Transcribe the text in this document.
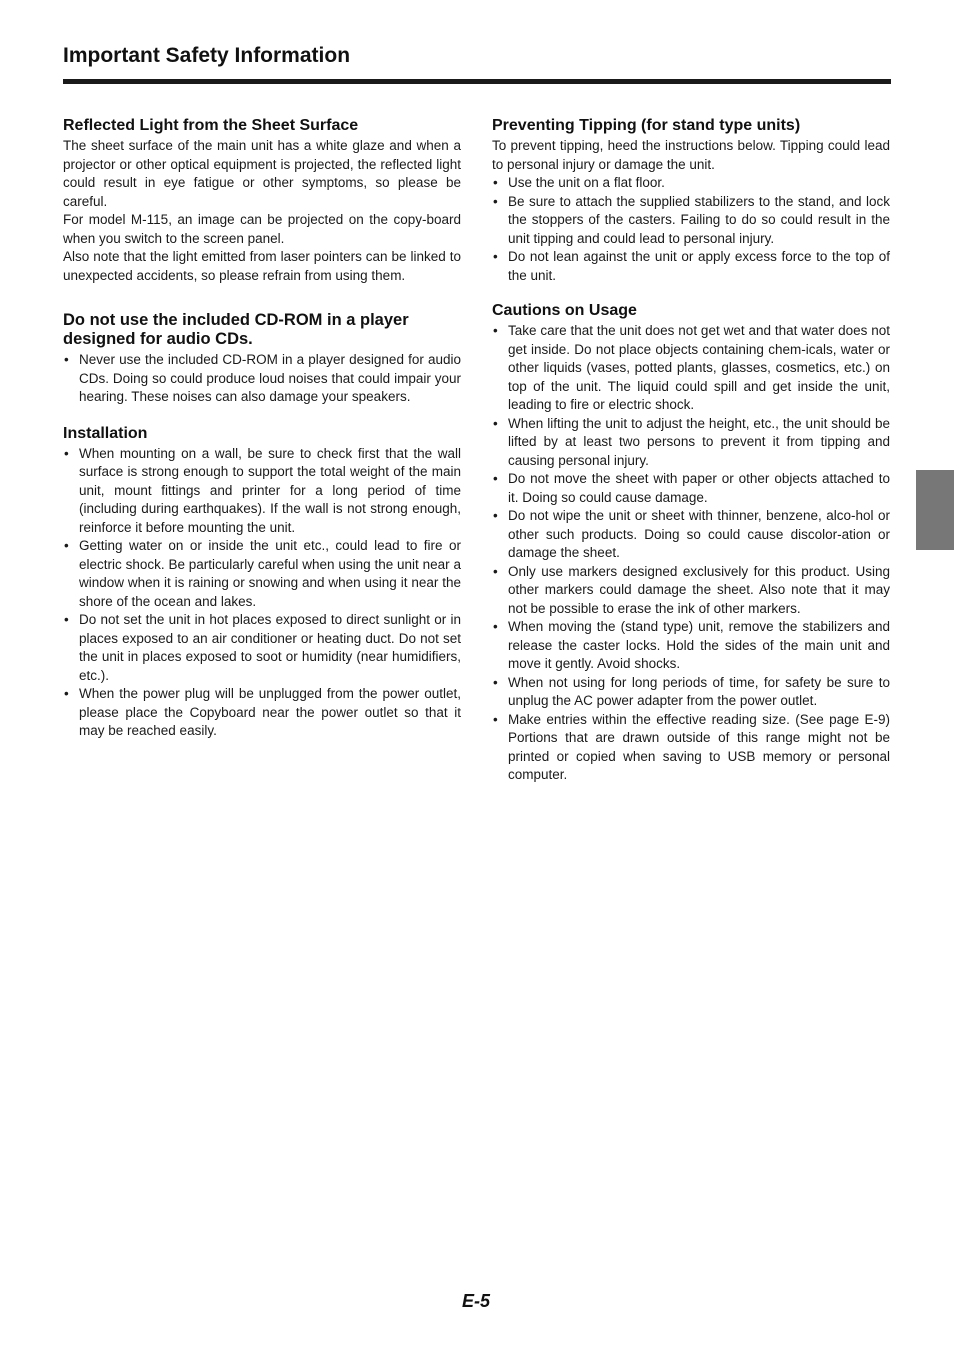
Important Safety Information
Reflected Light from the Sheet Surface

The sheet surface of the main unit has a white glaze and when a projector or other optical equipment is projected, the reflected light could result in eye fatigue or other symptoms, so please be careful.

For model M-115, an image can be projected on the copy-board when you switch to the screen panel.

Also note that the light emitted from laser pointers can be linked to unexpected accidents, so please refrain from using them.

Do not use the included CD-ROM in a player designed for audio CDs.
• Never use the included CD-ROM in a player designed for audio CDs. Doing so could produce loud noises that could impair your hearing. These noises can also damage your speakers.
Installation
• When mounting on a wall, be sure to check first that the wall surface is strong enough to support the total weight of the main unit, mount fittings and printer for a long period of time (including during earthquakes). If the wall is not strong enough, reinforce it before mounting the unit.
• Getting water on or inside the unit etc., could lead to fire or electric shock. Be particularly careful when using the unit near a window when it is raining or snowing and when using it near the shore of the ocean and lakes.
• Do not set the unit in hot places exposed to direct sunlight or in places exposed to an air conditioner or heating duct. Do not set the unit in places exposed to soot or humidity (near humidifiers, etc.).
• When the power plug will be unplugged from the power outlet, please place the Copyboard near the power outlet so that it may be reached easily.
Preventing Tipping (for stand type units)

To prevent tipping, heed the instructions below. Tipping could lead to personal injury or damage the unit.

• Use the unit on a flat floor.
• Be sure to attach the supplied stabilizers to the stand, and lock the stoppers of the casters. Failing to do so could result in the unit tipping and could lead to personal injury.
• Do not lean against the unit or apply excess force to the top of the unit.
Cautions on Usage
• Take care that the unit does not get wet and that water does not get inside. Do not place objects containing chem-icals, water or other liquids (vases, potted plants, glasses, cosmetics, etc.) on top of the unit. The liquid could spill and get inside the unit, leading to fire or electric shock.
• When lifting the unit to adjust the height, etc., the unit should be lifted by at least two persons to prevent it from tipping and causing personal injury.
• Do not move the sheet with paper or other objects attached to it. Doing so could cause damage.
• Do not wipe the unit or sheet with thinner, benzene, alco-hol or other such products. Doing so could cause discolor-ation or damage the sheet.
• Only use markers designed exclusively for this product. Using other markers could damage the sheet. Also note that it may not be possible to erase the ink of other markers.
• When moving the (stand type) unit, remove the stabilizers and release the caster locks. Hold the sides of the main unit and move it gently. Avoid shocks.
• When not using for long periods of time, for safety be sure to unplug the AC power adapter from the power outlet.
• Make entries within the effective reading size. (See page E-9) Portions that are drawn outside of this range might not be printed or copied when saving to USB memory or personal computer.
E-5
